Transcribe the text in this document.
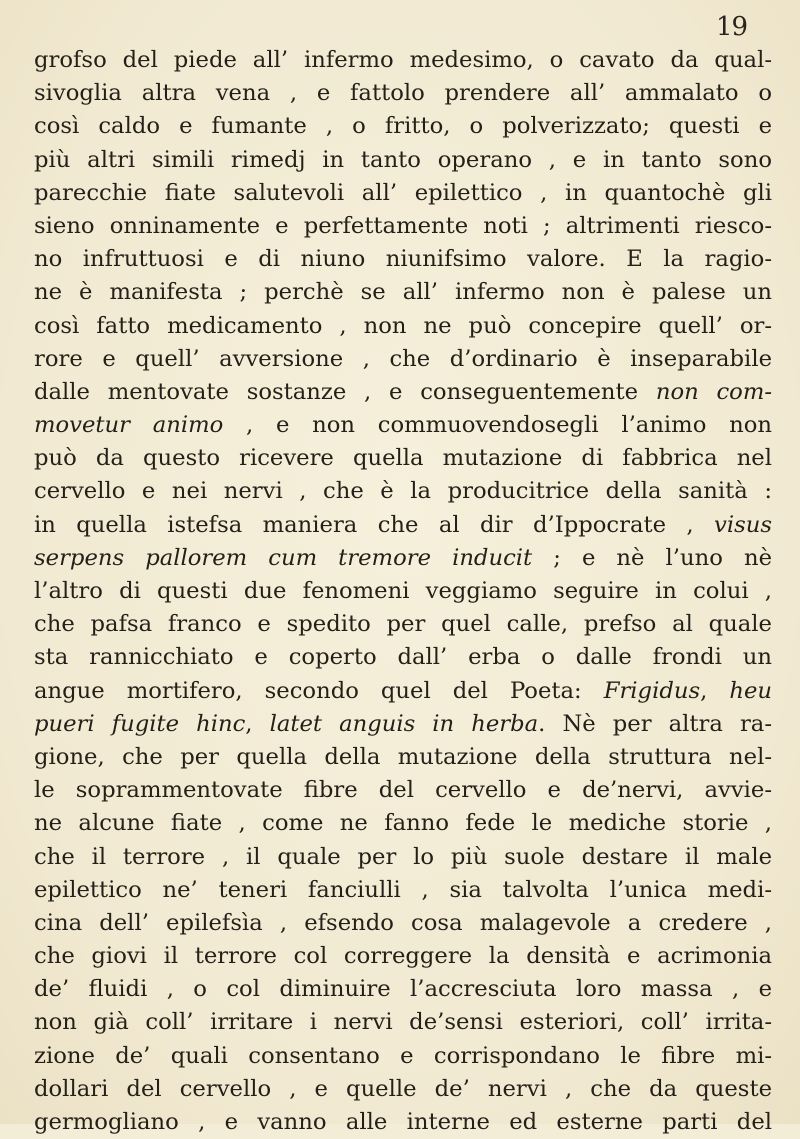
19
grofso del piede all’ infermo medesimo, o cavato da qual-
sivoglia altra vena , e fattolo prendere all’ ammalato o
così caldo e fumante , o fritto, o polverizzato; questi e
più altri simili rimedj in tanto operano , e in tanto sono
parecchie fiate salutevoli all’ epilettico , in quantochè gli
sieno onninamente e perfettamente noti ; altrimenti riesco-
no infruttuosi e di niuno niunifsimo valore. E la ragio-
ne è manifesta ; perchè se all’ infermo non è palese un
così fatto medicamento , non ne può concepire quell’ or-
rore e quell’ avversione , che d’ordinario è inseparabile
dalle mentovate sostanze , e conseguentemente non com-
movetur animo , e non commuovendosegli l’animo non
può da questo ricevere quella mutazione di fabbrica nel
cervello e nei nervi , che è la producitrice della sanità :
in quella istefsa maniera che al dir d’Ippocrate , visus
serpens pallorem cum tremore inducit ; e nè l’uno nè
l’altro di questi due fenomeni veggiamo seguire in colui ,
che pafsa franco e spedito per quel calle, prefso al quale
sta rannicchiato e coperto dall’ erba o dalle frondi un
angue mortifero, secondo quel del Poeta: Frigidus, heu
pueri fugite hinc, latet anguis in herba. Nè per altra ra-
gione, che per quella della mutazione della struttura nel-
le soprammentovate fibre del cervello e de’nervi, avvie-
ne alcune fiate , come ne fanno fede le mediche storie ,
che il terrore , il quale per lo più suole destare il male
epilettico ne’ teneri fanciulli , sia talvolta l’unica medi-
cina dell’ epilefsìa , efsendo cosa malagevole a credere ,
che giovi il terrore col correggere la densità e acrimonia
de’ fluidi , o col diminuire l’accresciuta loro massa , e
non già coll’ irritare i nervi de’sensi esteriori, coll’ irrita-
zione de’ quali consentano e corrispondano le fibre mi-
dollari del cervello , e quelle de’ nervi , che da queste
germogliano , e vanno alle interne ed esterne parti del
